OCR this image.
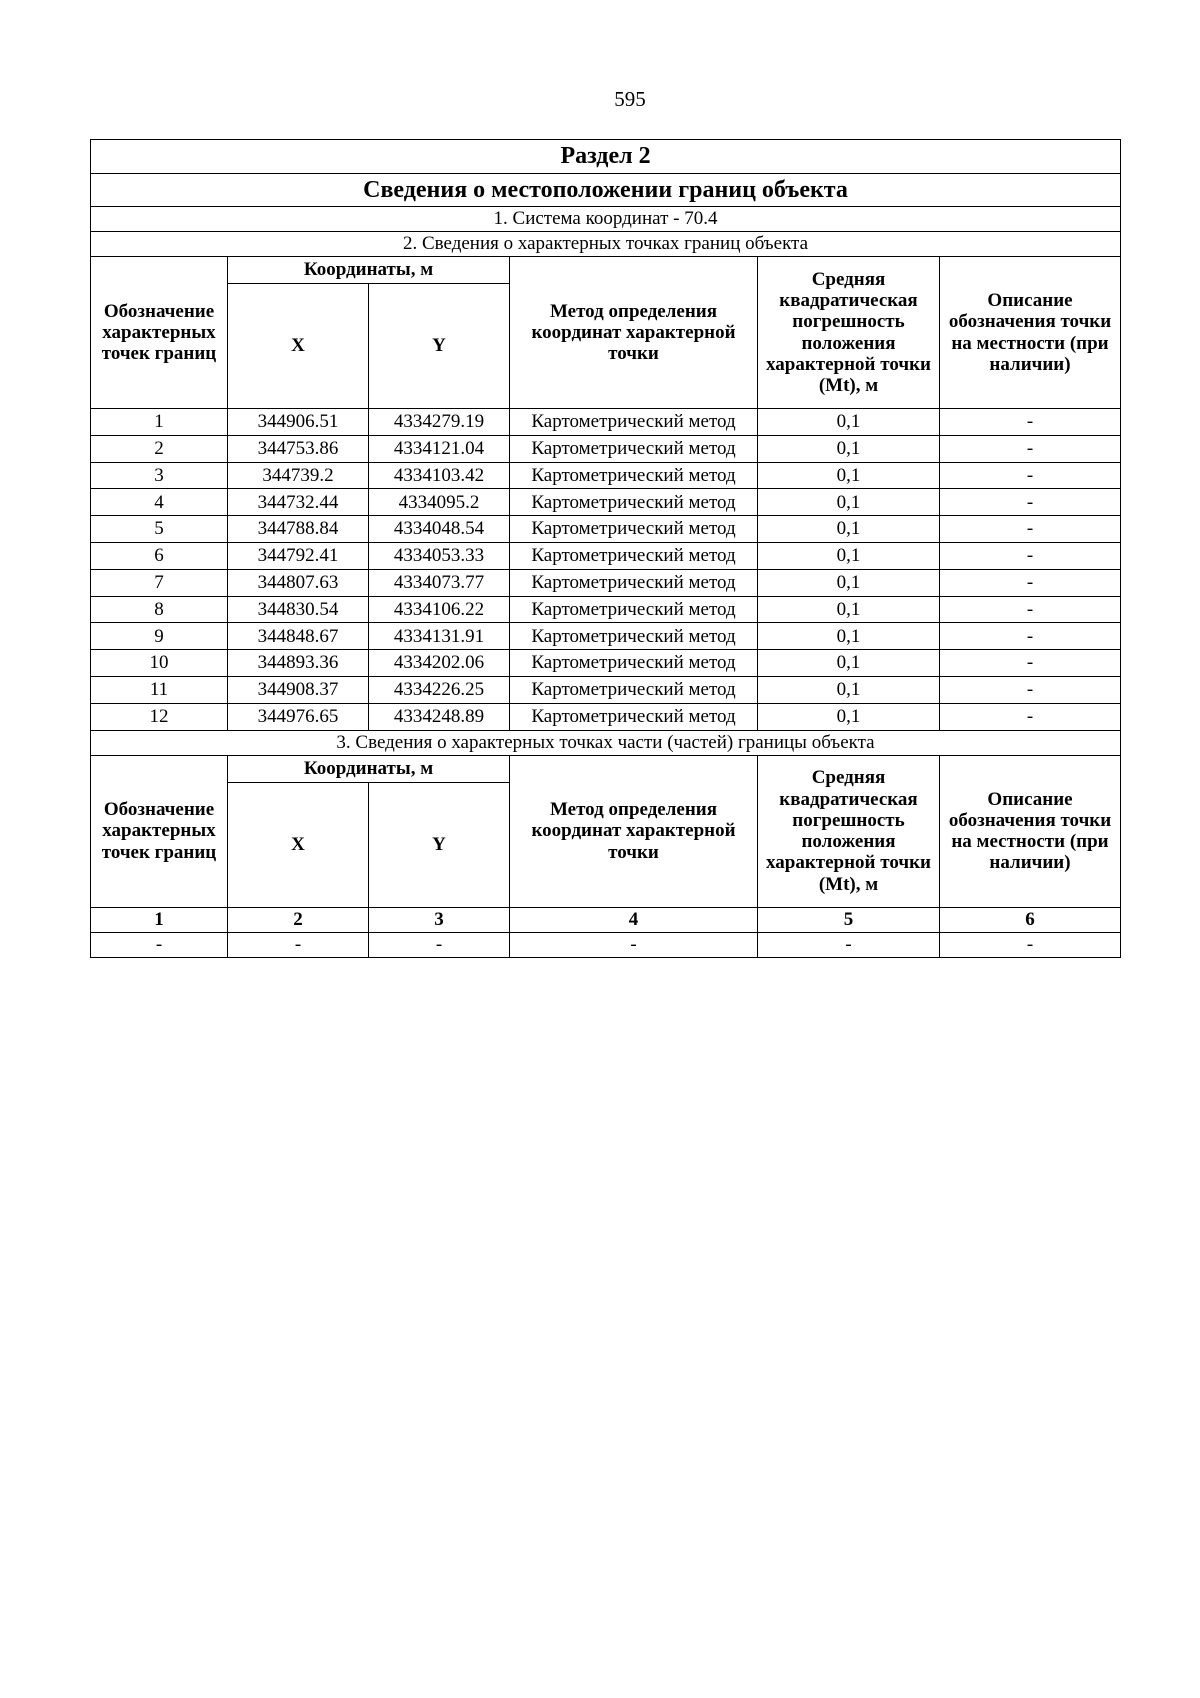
595
Раздел 2					
Сведения о местоположении границ объекта					
1. Система координат - 70.4					
2. Сведения о характерных точках границ объекта					
Обозначение характерных точек границ	Координаты, м		Метод определения координат характерной точки	Средняя квадратическая погрешность положения характерной точки (Mt), м	Описание обозначения точки на местности (при наличии)
	X	Y			
1	344906.51	4334279.19	Картометрический метод	0,1	-
2	344753.86	4334121.04	Картометрический метод	0,1	-
3	344739.2	4334103.42	Картометрический метод	0,1	-
4	344732.44	4334095.2	Картометрический метод	0,1	-
5	344788.84	4334048.54	Картометрический метод	0,1	-
6	344792.41	4334053.33	Картометрический метод	0,1	-
7	344807.63	4334073.77	Картометрический метод	0,1	-
8	344830.54	4334106.22	Картометрический метод	0,1	-
9	344848.67	4334131.91	Картометрический метод	0,1	-
10	344893.36	4334202.06	Картометрический метод	0,1	-
11	344908.37	4334226.25	Картометрический метод	0,1	-
12	344976.65	4334248.89	Картометрический метод	0,1	-
3. Сведения о характерных точках части (частей) границы объекта					
Обозначение характерных точек границ	Координаты, м		Метод определения координат характерной точки	Средняя квадратическая погрешность положения характерной точки (Mt), м	Описание обозначения точки на местности (при наличии)
	X	Y			
1	2	3	4	5	6
-	-	-	-	-	-
